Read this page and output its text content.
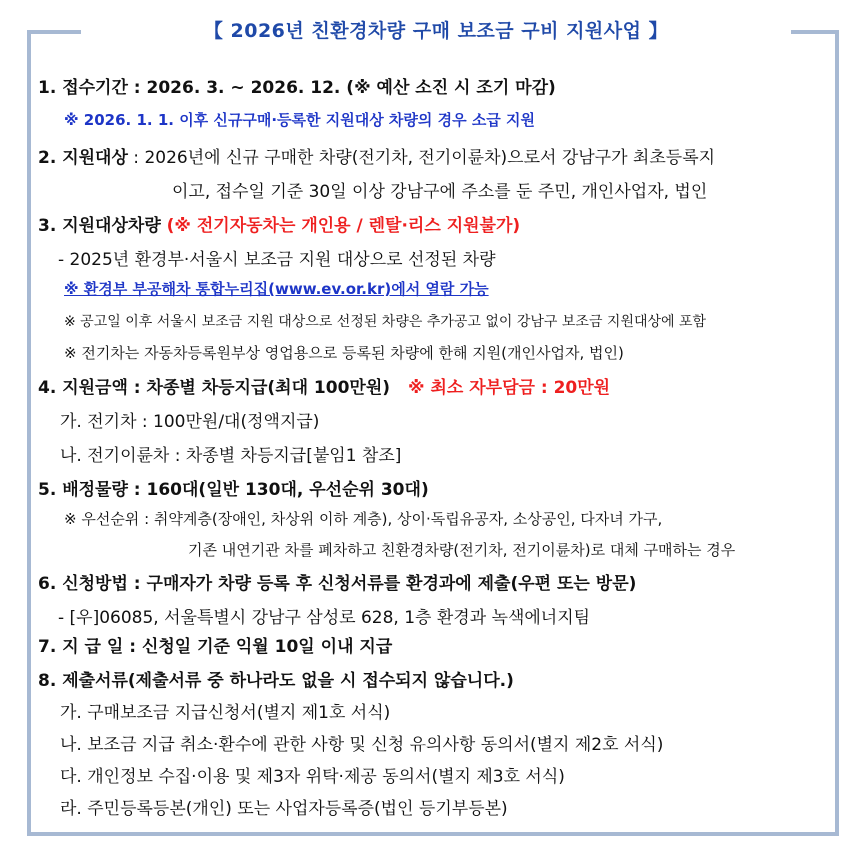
【 2026년 친환경차량 구매 보조금 구비 지원사업 】
1. 접수기간 : 2026. 3. ~ 2026. 12. (※ 예산 소진 시 조기 마감)
※ 2026. 1. 1. 이후 신규구매·등록한 지원대상 차량의 경우 소급 지원
2. 지원대상 : 2026년에 신규 구매한 차량(전기차, 전기이륜차)으로서 강남구가 최초등록지
이고, 접수일 기준 30일 이상 강남구에 주소를 둔 주민, 개인사업자, 법인
3. 지원대상차량 (※ 전기자동차는 개인용 / 렌탈·리스 지원불가)
- 2025년 환경부·서울시 보조금 지원 대상으로 선정된 차량
※ 환경부 부공해차 통합누리집(www.ev.or.kr)에서 열람 가능
※ 공고일 이후 서울시 보조금 지원 대상으로 선정된 차량은 추가공고 없이 강남구 보조금 지원대상에 포함
※ 전기차는 자동차등록원부상 영업용으로 등록된 차량에 한해 지원(개인사업자, 법인)
4. 지원금액 : 차종별 차등지급(최대 100만원) ※ 최소 자부담금 : 20만원
가. 전기차 : 100만원/대(정액지급)
나. 전기이륜차 : 차종별 차등지급[붙임1 참조]
5. 배정물량 : 160대(일반 130대, 우선순위 30대)
※ 우선순위 : 취약계층(장애인, 차상위 이하 계층), 상이·독립유공자, 소상공인, 다자녀 가구,
기존 내연기관 차를 폐차하고 친환경차량(전기차, 전기이륜차)로 대체 구매하는 경우
6. 신청방법 : 구매자가 차량 등록 후 신청서류를 환경과에 제출(우편 또는 방문)
- [우]06085, 서울특별시 강남구 삼성로 628, 1층 환경과 녹색에너지팀
7. 지 급 일 : 신청일 기준 익월 10일 이내 지급
8. 제출서류(제출서류 중 하나라도 없을 시 접수되지 않습니다.)
가. 구매보조금 지급신청서(별지 제1호 서식)
나. 보조금 지급 취소·환수에 관한 사항 및 신청 유의사항 동의서(별지 제2호 서식)
다. 개인정보 수집·이용 및 제3자 위탁·제공 동의서(별지 제3호 서식)
라. 주민등록등본(개인) 또는 사업자등록증(법인 등기부등본)
